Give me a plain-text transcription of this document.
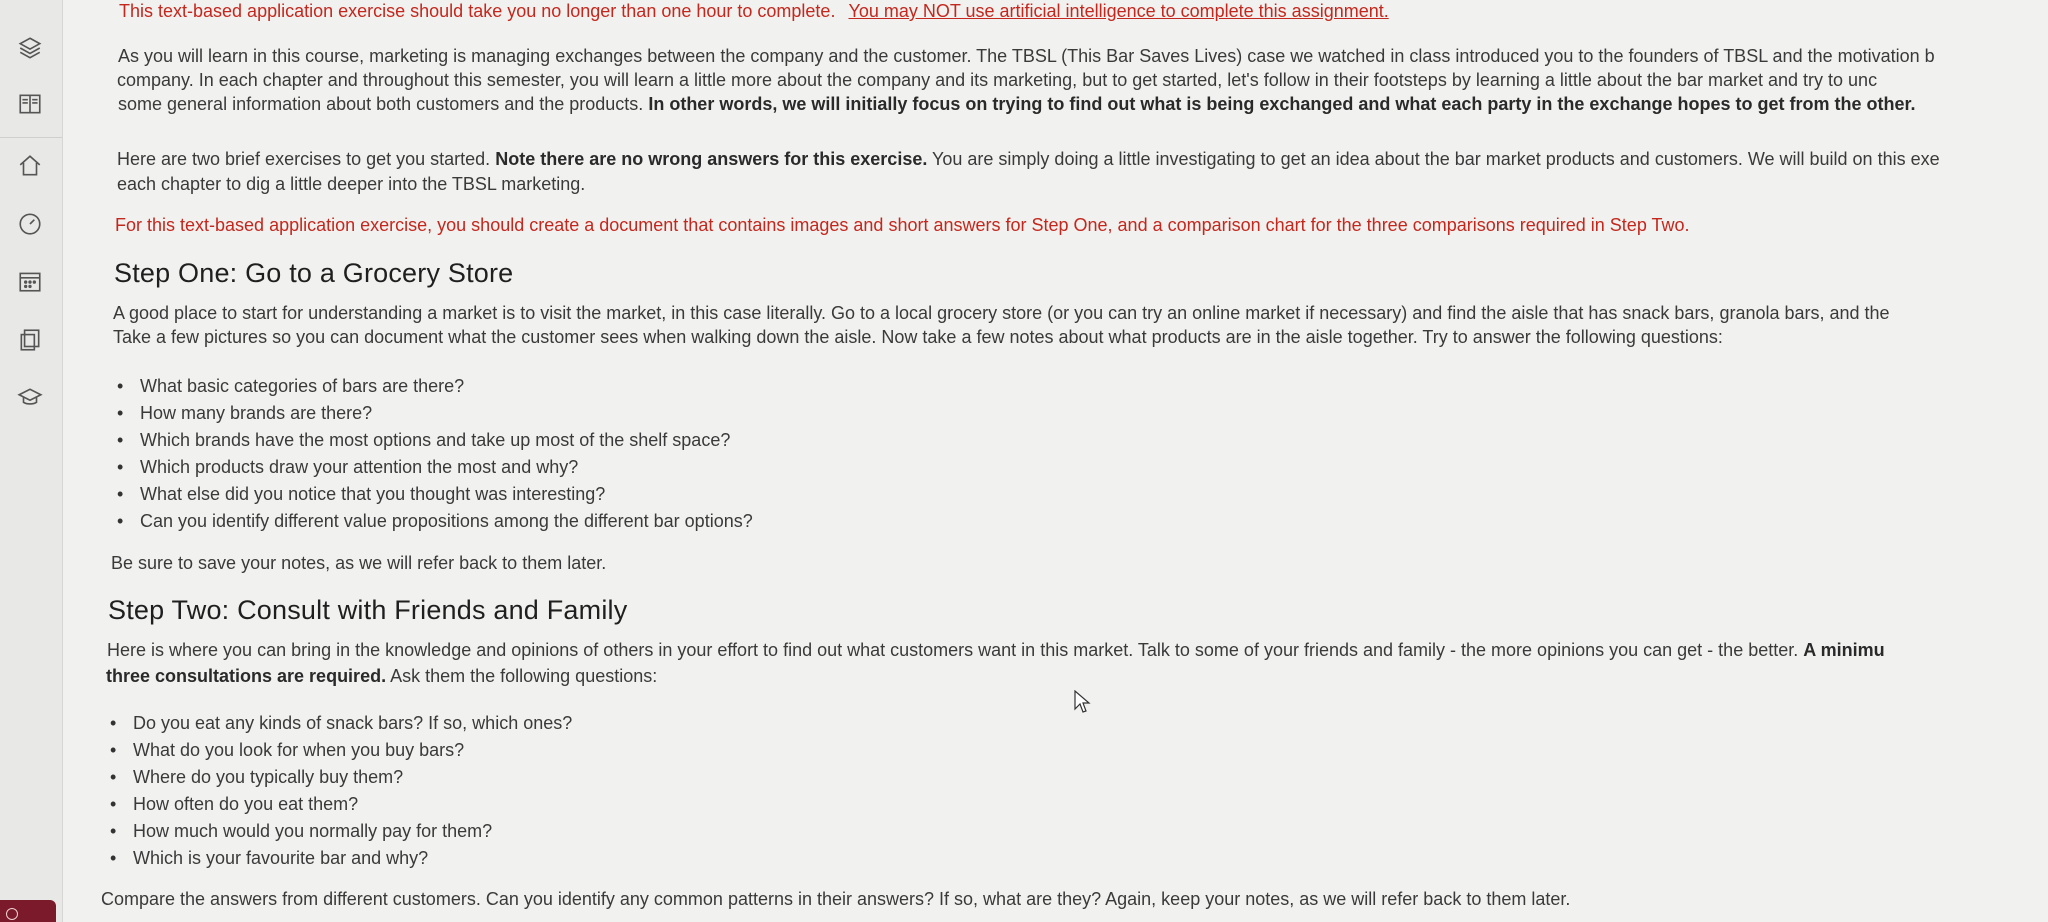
This text-based application exercise should take you no longer than one hour to complete. You may NOT use artificial intelligence to complete this assignment.
As you will learn in this course, marketing is managing exchanges between the company and the customer. The TBSL (This Bar Saves Lives) case we watched in class introduced you to the founders of TBSL and the motivation b
company. In each chapter and throughout this semester, you will learn a little more about the company and its marketing, but to get started, let's follow in their footsteps by learning a little about the bar market and try to unc
some general information about both customers and the products. In other words, we will initially focus on trying to find out what is being exchanged and what each party in the exchange hopes to get from the other.
Here are two brief exercises to get you started. Note there are no wrong answers for this exercise. You are simply doing a little investigating to get an idea about the bar market products and customers. We will build on this exe
each chapter to dig a little deeper into the TBSL marketing.
For this text-based application exercise, you should create a document that contains images and short answers for Step One, and a comparison chart for the three comparisons required in Step Two.
Step One: Go to a Grocery Store
A good place to start for understanding a market is to visit the market, in this case literally. Go to a local grocery store (or you can try an online market if necessary) and find the aisle that has snack bars, granola bars, and the
Take a few pictures so you can document what the customer sees when walking down the aisle. Now take a few notes about what products are in the aisle together. Try to answer the following questions:
• What basic categories of bars are there?
• How many brands are there?
• Which brands have the most options and take up most of the shelf space?
• Which products draw your attention the most and why?
• What else did you notice that you thought was interesting?
• Can you identify different value propositions among the different bar options?
Be sure to save your notes, as we will refer back to them later.
Step Two: Consult with Friends and Family
Here is where you can bring in the knowledge and opinions of others in your effort to find out what customers want in this market. Talk to some of your friends and family - the more opinions you can get - the better. A minimu
three consultations are required. Ask them the following questions:
• Do you eat any kinds of snack bars? If so, which ones?
• What do you look for when you buy bars?
• Where do you typically buy them?
• How often do you eat them?
• How much would you normally pay for them?
• Which is your favourite bar and why?
Compare the answers from different customers. Can you identify any common patterns in their answers? If so, what are they? Again, keep your notes, as we will refer back to them later.
